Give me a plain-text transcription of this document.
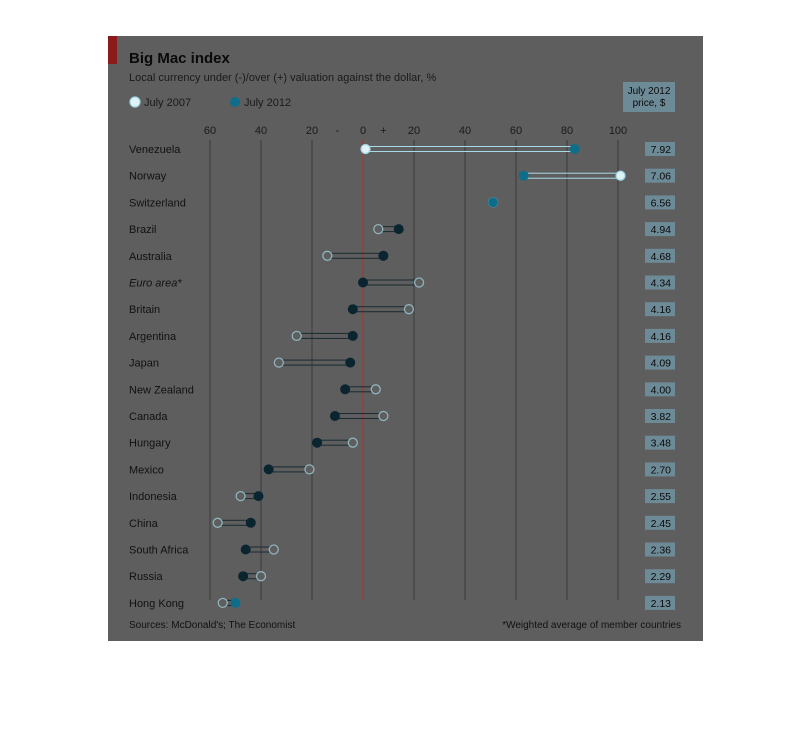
Big Mac index
Local currency under (-)/over (+) valuation against the dollar, %
July 2007	July 2012
July 2012
price, $
60	40	20 - 0 + 20	40	60	80	100
Venezuela	7.92
Norway	7.06
Switzerland	6.56
Brazil	4.94
Australia	4.68
Euro area*	4.34
Britain	4.16
Argentina	4.16
Japan	4.09
New Zealand	4.00
Canada	3.82
Hungary	3.48
Mexico	2.70
Indonesia	2.55
China	2.45
South Africa	2.36
Russia	2.29
Hong Kong	2.13
Sources: McDonald's; The Economist	*Weighted average of member countries
